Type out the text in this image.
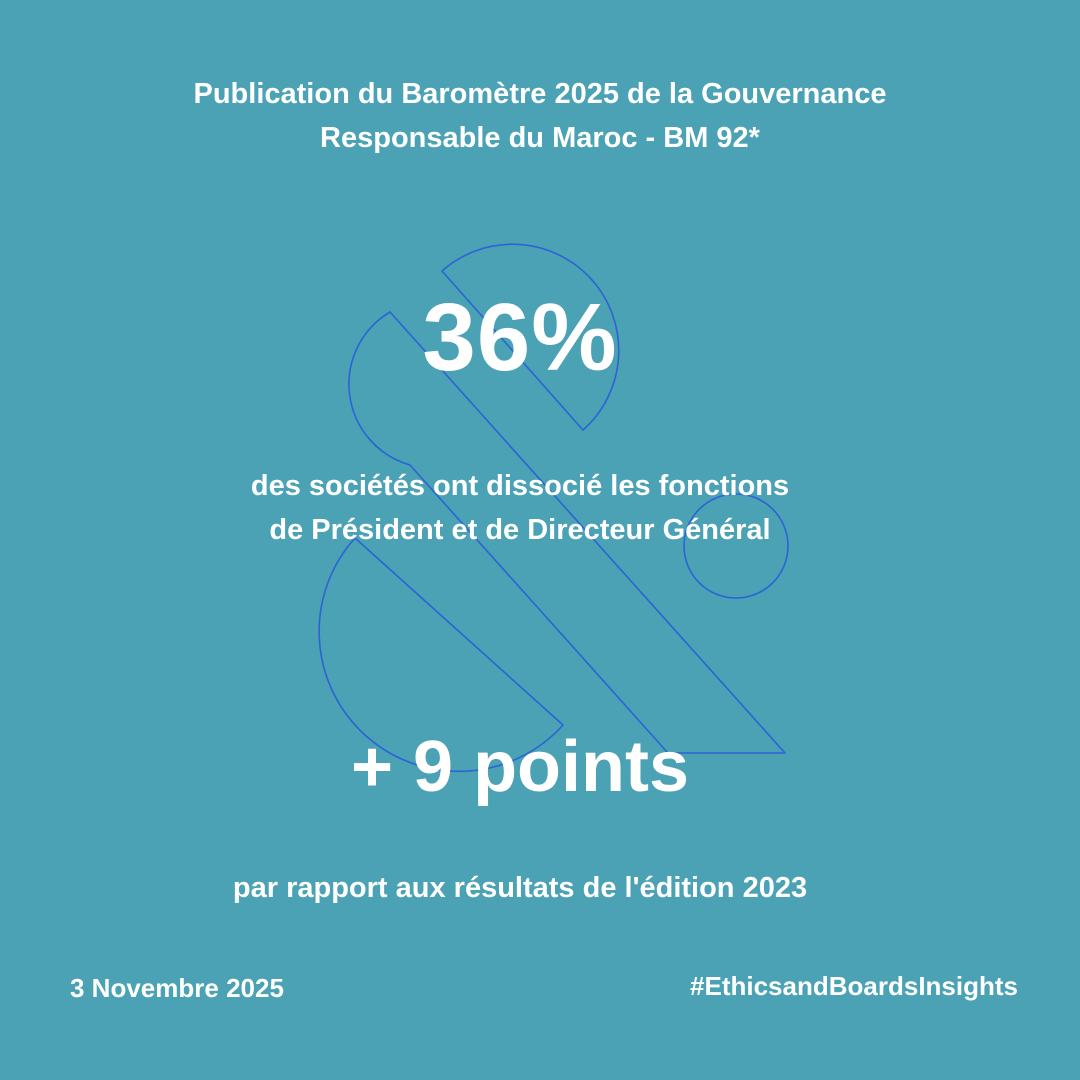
Publication du Baromètre 2025 de la Gouvernance
Responsable du Maroc - BM 92*
36%
des sociétés ont dissocié les fonctions
de Président et de Directeur Général
+ 9 points
par rapport aux résultats de l'édition 2023
3 Novembre 2025	#EthicsandBoardsInsights
